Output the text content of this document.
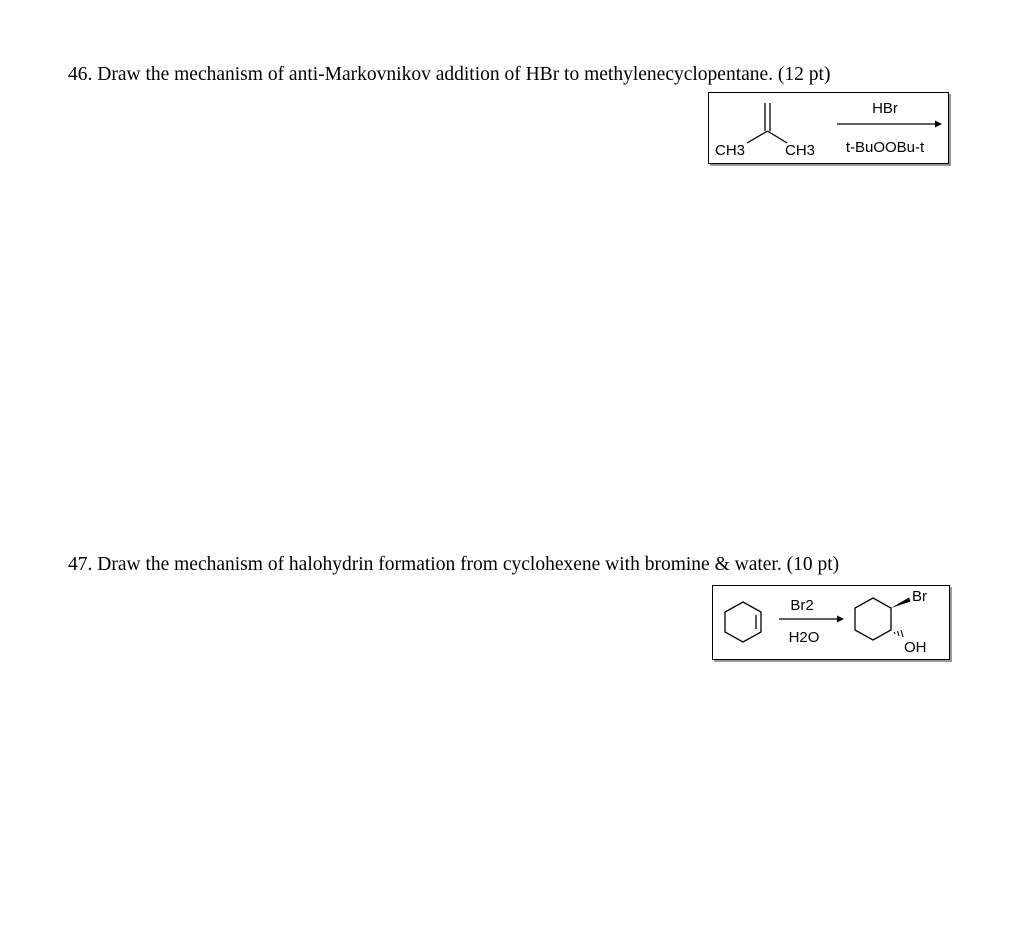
46. Draw the mechanism of anti-Markovnikov addition of HBr to methylenecyclopentane. (12 pt)
CH3	CH3
HBr
t-BuOOBu-t
47. Draw the mechanism of halohydrin formation from cyclohexene with bromine & water. (10 pt)
Br2
H2O
Br
OH
